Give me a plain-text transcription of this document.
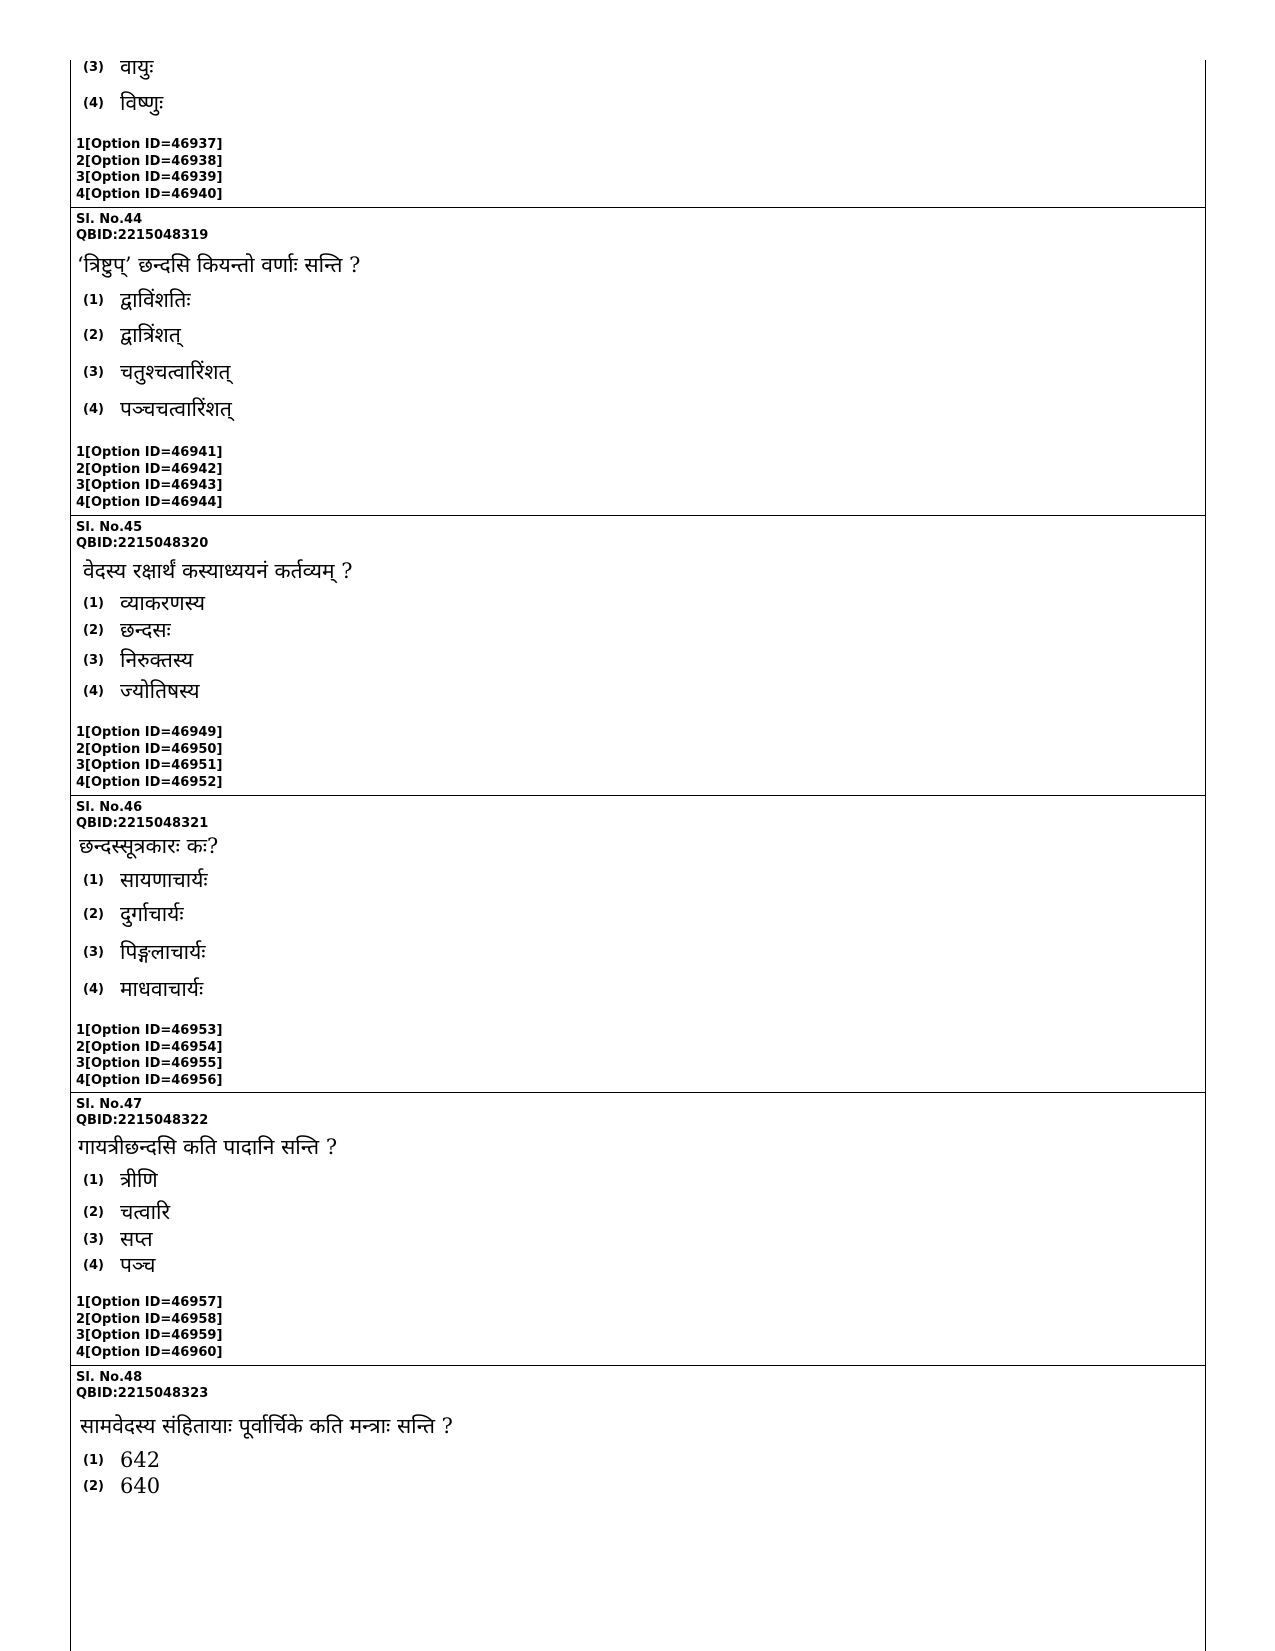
(3) वायुः
(4) विष्णुः
1[Option ID=46937]
2[Option ID=46938]
3[Option ID=46939]
4[Option ID=46940]
Sl. No.44
QBID:2215048319
‘त्रिष्टुप्’ छन्दसि कियन्तो वर्णाः सन्ति ?
(1) द्वाविंशतिः
(2) द्वात्रिंशत्
(3) चतुश्चत्वारिंशत्
(4) पञ्चचत्वारिंशत्
1[Option ID=46941]
2[Option ID=46942]
3[Option ID=46943]
4[Option ID=46944]
Sl. No.45
QBID:2215048320
वेदस्य रक्षार्थं कस्याध्ययनं कर्तव्यम् ?
(1) व्याकरणस्य
(2) छन्दसः
(3) निरुक्तस्य
(4) ज्योतिषस्य
1[Option ID=46949]
2[Option ID=46950]
3[Option ID=46951]
4[Option ID=46952]
Sl. No.46
QBID:2215048321
छन्दस्सूत्रकारः कः?
(1) सायणाचार्यः
(2) दुर्गाचार्यः
(3) पिङ्गलाचार्यः
(4) माधवाचार्यः
1[Option ID=46953]
2[Option ID=46954]
3[Option ID=46955]
4[Option ID=46956]
Sl. No.47
QBID:2215048322
गायत्रीछन्दसि कति पादानि सन्ति ?
(1) त्रीणि
(2) चत्वारि
(3) सप्त
(4) पञ्च
1[Option ID=46957]
2[Option ID=46958]
3[Option ID=46959]
4[Option ID=46960]
Sl. No.48
QBID:2215048323
सामवेदस्य संहितायाः पूर्वार्चिके कति मन्त्राः सन्ति ?
(1) 642
(2) 640
